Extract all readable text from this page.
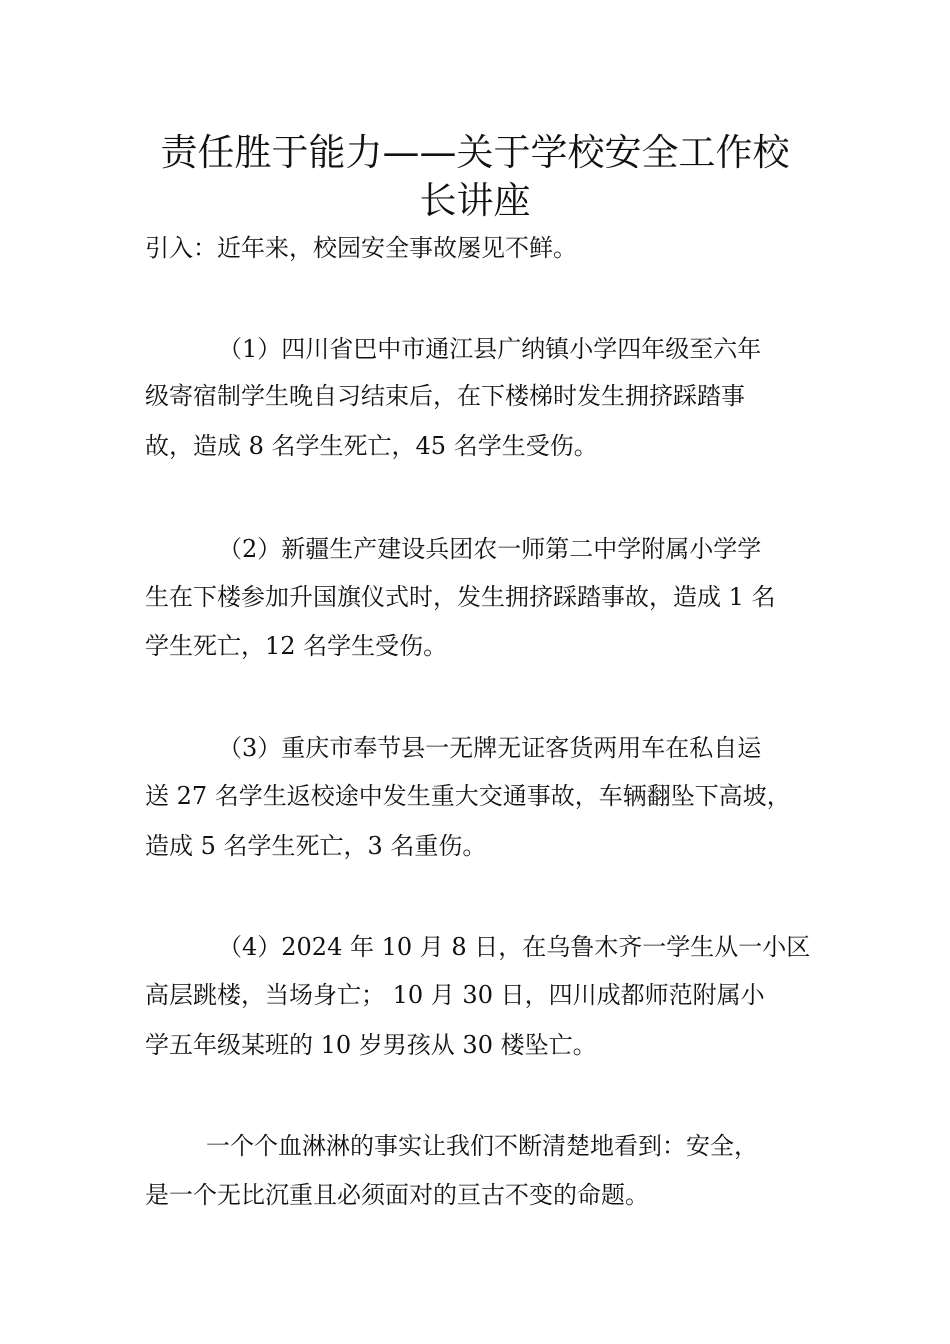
责任胜于能力——关于学校安全工作校
长讲座
引入：近年来，校园安全事故屡见不鲜。
（1）四川省巴中市通江县广纳镇小学四年级至六年
级寄宿制学生晚自习结束后，在下楼梯时发生拥挤踩踏事
故，造成 8 名学生死亡，45 名学生受伤。
（2）新疆生产建设兵团农一师第二中学附属小学学
生在下楼参加升国旗仪式时，发生拥挤踩踏事故，造成 1 名
学生死亡，12 名学生受伤。
（3）重庆市奉节县一无牌无证客货两用车在私自运
送 27 名学生返校途中发生重大交通事故，车辆翻坠下高坡，
造成 5 名学生死亡，3 名重伤。
（4）2024 年 10 月 8 日，在乌鲁木齐一学生从一小区
高层跳楼，当场身亡； 10 月 30 日，四川成都师范附属小
学五年级某班的 10 岁男孩从 30 楼坠亡。
一个个血淋淋的事实让我们不断清楚地看到：安全，
是一个无比沉重且必须面对的亘古不变的命题。
